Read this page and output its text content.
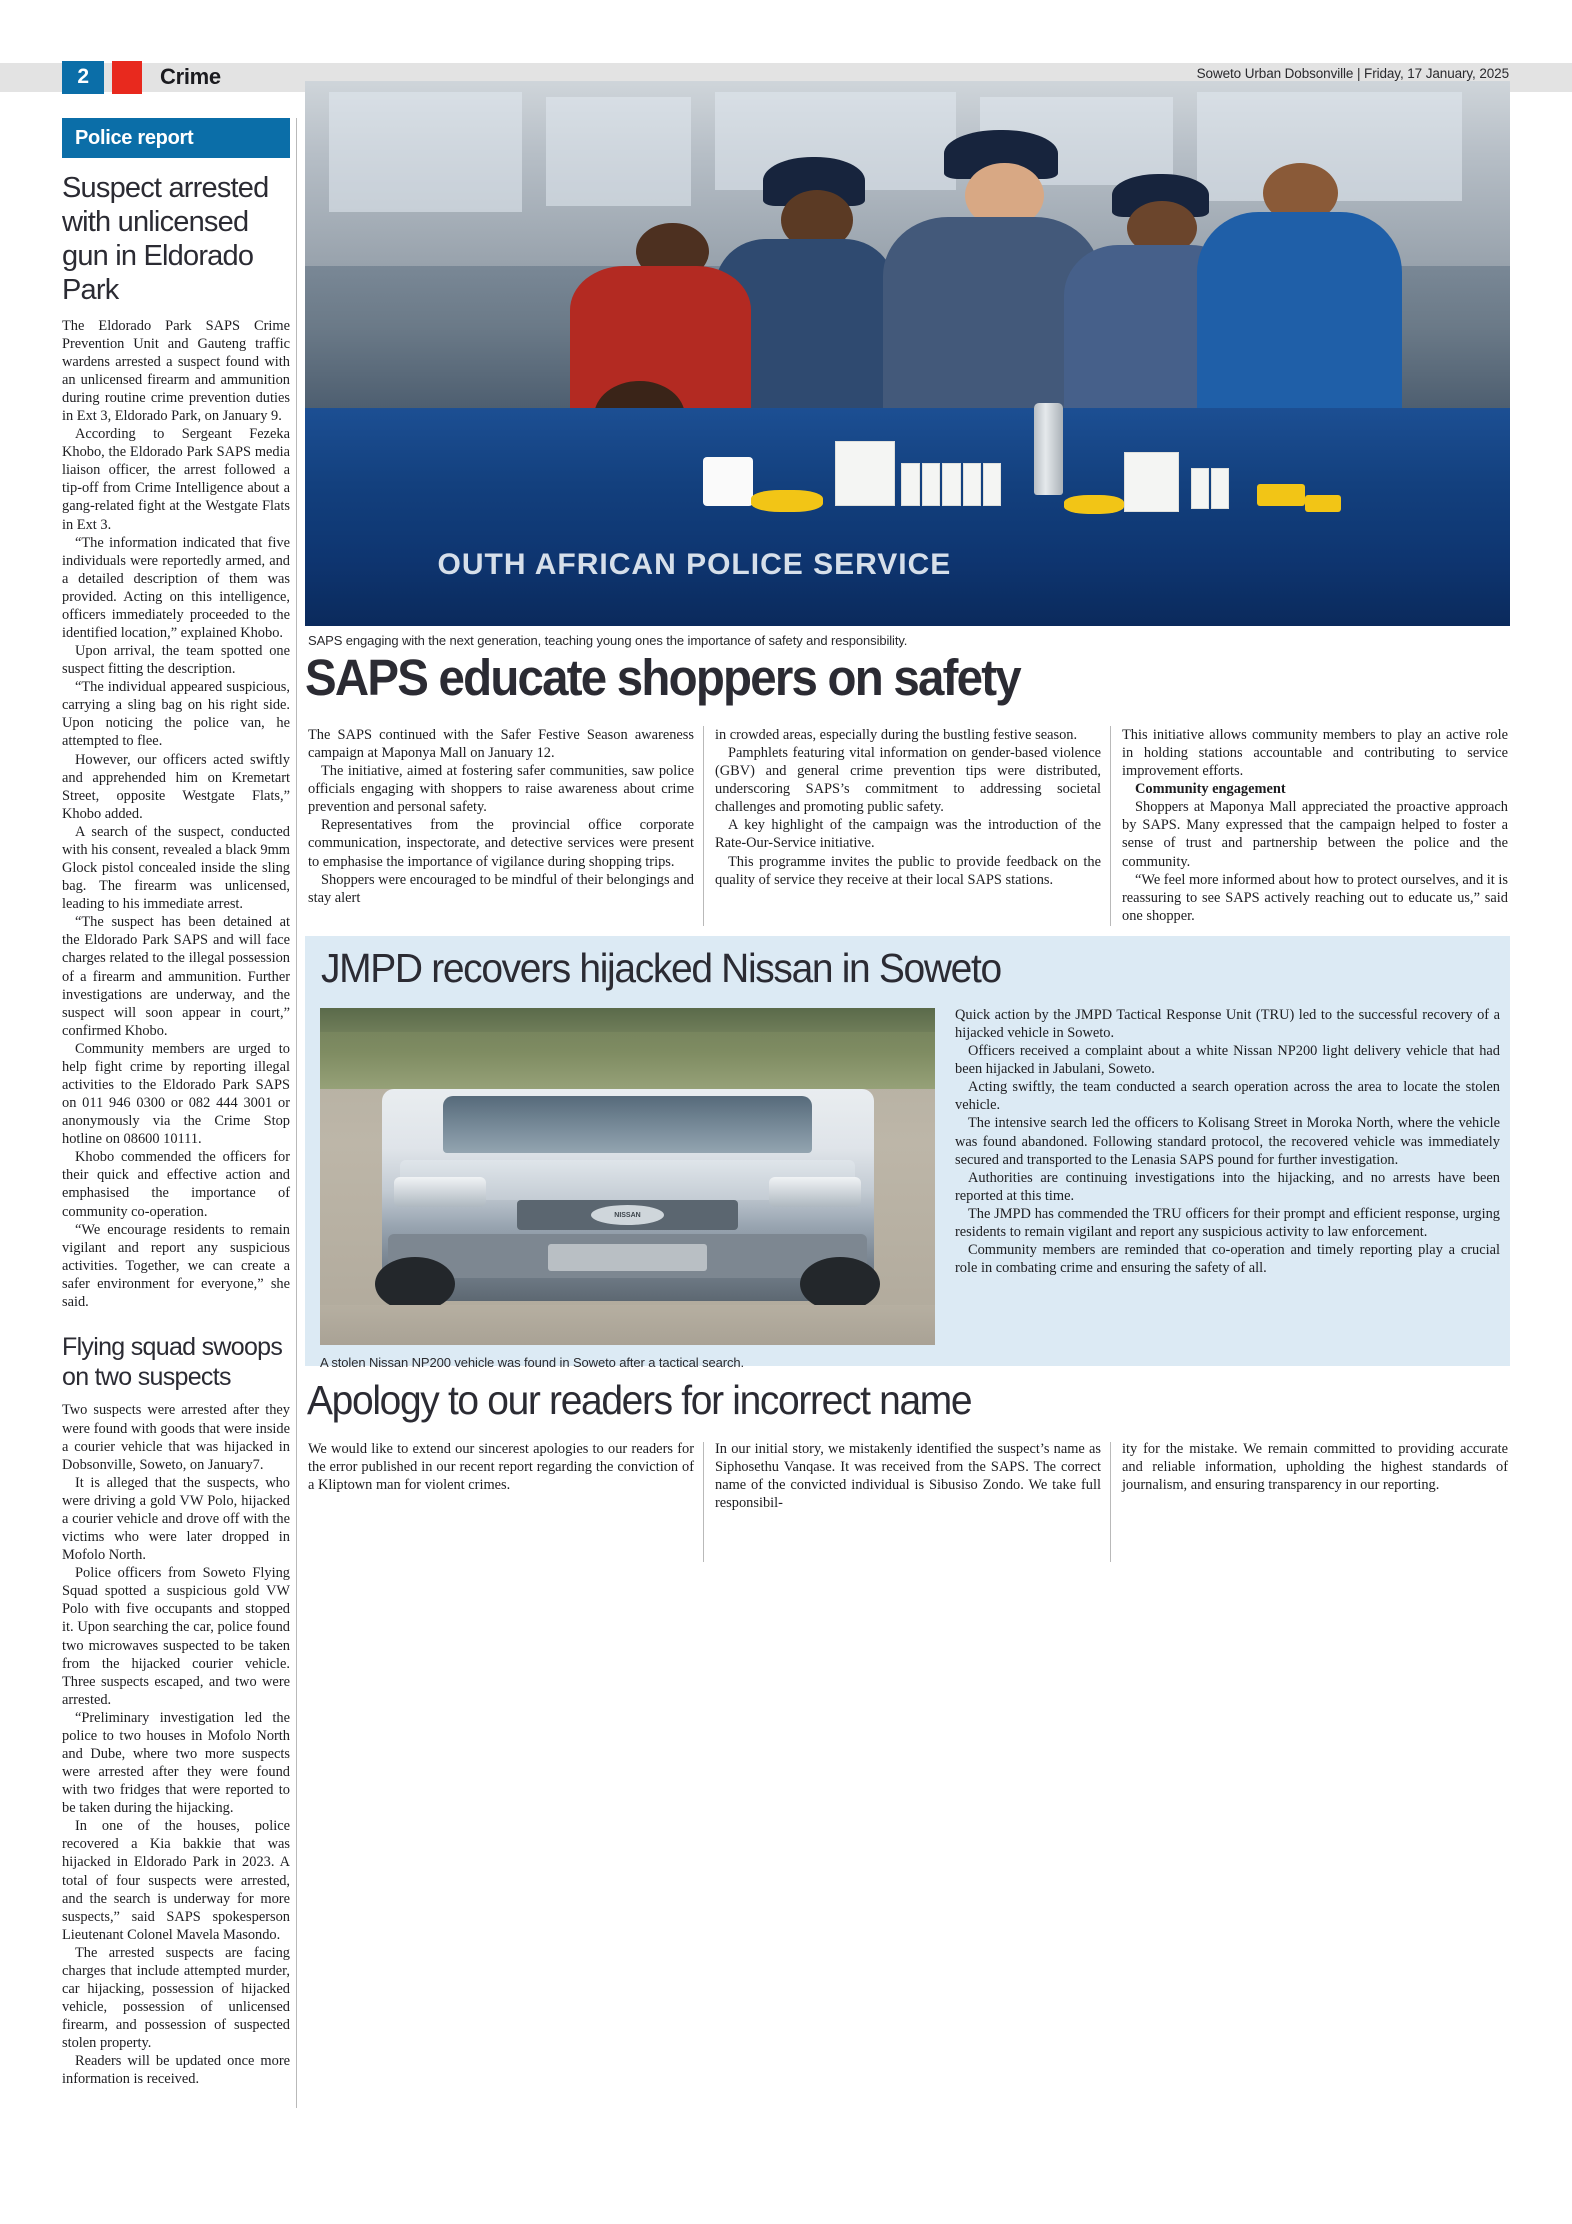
2	Crime	Soweto Urban Dobsonville | Friday, 17 January, 2025
Police report
Suspect arrested with unlicensed gun in Eldorado Park

The Eldorado Park SAPS Crime Prevention Unit and Gauteng traffic wardens arrested a suspect found with an unlicensed firearm and ammunition during routine crime prevention duties in Ext 3, Eldorado Park, on January 9.

According to Sergeant Fezeka Khobo, the Eldorado Park SAPS media liaison officer, the arrest followed a tip-off from Crime Intelligence about a gang-related fight at the Westgate Flats in Ext 3.

“The information indicated that five individuals were reportedly armed, and a detailed description of them was provided. Acting on this intelligence, officers immediately proceeded to the identified location,” explained Khobo.

Upon arrival, the team spotted one suspect fitting the description.

“The individual appeared suspicious, carrying a sling bag on his right side. Upon noticing the police van, he attempted to flee.

However, our officers acted swiftly and apprehended him on Kremetart Street, opposite Westgate Flats,” Khobo added.

A search of the suspect, conducted with his consent, revealed a black 9mm Glock pistol concealed inside the sling bag. The firearm was unlicensed, leading to his immediate arrest.

“The suspect has been detained at the Eldorado Park SAPS and will face charges related to the illegal possession of a firearm and ammunition. Further investigations are underway, and the suspect will soon appear in court,” confirmed Khobo.

Community members are urged to help fight crime by reporting illegal activities to the Eldorado Park SAPS on 011 946 0300 or 082 444 3001 or anonymously via the Crime Stop hotline on 08600 10111.

Khobo commended the officers for their quick and effective action and emphasised the importance of community co-operation.

“We encourage residents to remain vigilant and report any suspicious activities. Together, we can create a safer environment for everyone,” she said.

Flying squad swoops on two suspects

Two suspects were arrested after they were found with goods that were inside a courier vehicle that was hijacked in Dobsonville, Soweto, on January7.

It is alleged that the suspects, who were driving a gold VW Polo, hijacked a courier vehicle and drove off with the victims who were later dropped in Mofolo North.

Police officers from Soweto Flying Squad spotted a suspicious gold VW Polo with five occupants and stopped it. Upon searching the car, police found two microwaves suspected to be taken from the hijacked courier vehicle. Three suspects escaped, and two were arrested.

“Preliminary investigation led the police to two houses in Mofolo North and Dube, where two more suspects were arrested after they were found with two fridges that were reported to be taken during the hijacking.

In one of the houses, police recovered a Kia bakkie that was hijacked in Eldorado Park in 2023. A total of four suspects were arrested, and the search is underway for more suspects,” said SAPS spokesperson Lieutenant Colonel Mavela Masondo.

The arrested suspects are facing charges that include attempted murder, car hijacking, possession of hijacked vehicle, possession of unlicensed firearm, and possession of suspected stolen property.

Readers will be updated once more information is received.

OUTH AFRICAN POLICE SERVICE
SAPS engaging with the next generation, teaching young ones the importance of safety and responsibility.
SAPS educate shoppers on safety

The SAPS continued with the Safer Festive Season awareness campaign at Maponya Mall on January 12.

The initiative, aimed at fostering safer communities, saw police officials engaging with shoppers to raise awareness about crime prevention and personal safety.

Representatives from the provincial office corporate communication, inspectorate, and detective services were present to emphasise the importance of vigilance during shopping trips.

Shoppers were encouraged to be mindful of their belongings and stay alert

in crowded areas, especially during the bustling festive season.

Pamphlets featuring vital information on gender-based violence (GBV) and general crime prevention tips were distributed, underscoring SAPS’s commitment to addressing societal challenges and promoting public safety.

A key highlight of the campaign was the introduction of the Rate-Our-Service initiative.

This programme invites the public to provide feedback on the quality of service they receive at their local SAPS stations.

This initiative allows community members to play an active role in holding stations accountable and contributing to service improvement efforts.

Community engagement

Shoppers at Maponya Mall appreciated the proactive approach by SAPS. Many expressed that the campaign helped to foster a sense of trust and partnership between the police and the community.

“We feel more informed about how to protect ourselves, and it is reassuring to see SAPS actively reaching out to educate us,” said one shopper.

JMPD recovers hijacked Nissan in Soweto
NISSAN
A stolen Nissan NP200 vehicle was found in Soweto after a tactical search.

Quick action by the JMPD Tactical Response Unit (TRU) led to the successful recovery of a hijacked vehicle in Soweto.

Officers received a complaint about a white Nissan NP200 light delivery vehicle that had been hijacked in Jabulani, Soweto.

Acting swiftly, the team conducted a search operation across the area to locate the stolen vehicle.

The intensive search led the officers to Kolisang Street in Moroka North, where the vehicle was found abandoned. Following standard protocol, the recovered vehicle was immediately secured and transported to the Lenasia SAPS pound for further investigation.

Authorities are continuing investigations into the hijacking, and no arrests have been reported at this time.

The JMPD has commended the TRU officers for their prompt and efficient response, urging residents to remain vigilant and report any suspicious activity to law enforcement.

Community members are reminded that co-operation and timely reporting play a crucial role in combating crime and ensuring the safety of all.

Apology to our readers for incorrect name

We would like to extend our sincerest apologies to our readers for the error published in our recent report regarding the conviction of a Kliptown man for violent crimes.

In our initial story, we mistakenly identified the suspect’s name as Siphosethu Vanqase. It was received from the SAPS. The correct name of the convicted individual is Sibusiso Zondo. We take full responsibil-

ity for the mistake. We remain committed to providing accurate and reliable information, upholding the highest standards of journalism, and ensuring transparency in our reporting.
